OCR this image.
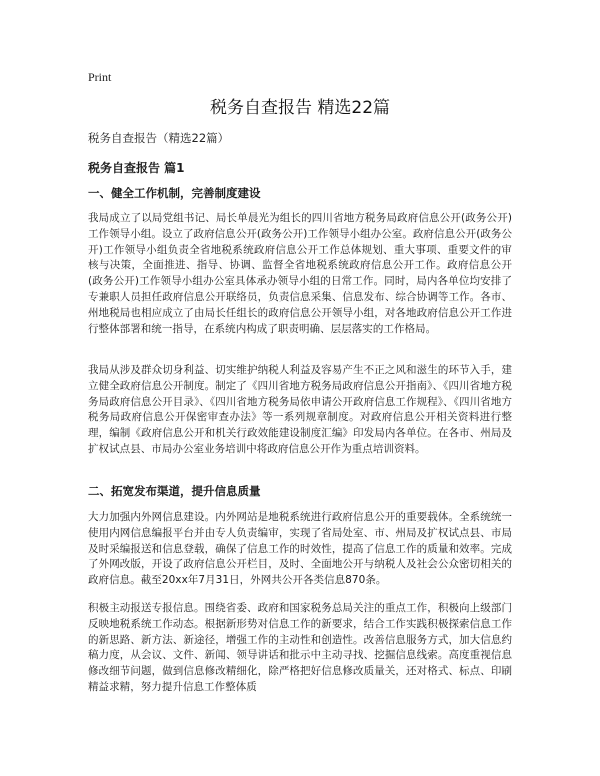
Print
税务自查报告 精选22篇
税务自查报告（精选22篇）
税务自查报告 篇1
一、健全工作机制，完善制度建设
我局成立了以局党组书记、局长单晨光为组长的四川省地方税务局政府信息公开(政务公开)工作领导小组。设立了政府信息公开(政务公开)工作领导小组办公室。政府信息公开(政务公开)工作领导小组负责全省地税系统政府信息公开工作总体规划、重大事项、重要文件的审核与决策，全面推进、指导、协调、监督全省地税系统政府信息公开工作。政府信息公开(政务公开)工作领导小组办公室具体承办领导小组的日常工作。同时，局内各单位均安排了专兼职人员担任政府信息公开联络员，负责信息采集、信息发布、综合协调等工作。各市、州地税局也相应成立了由局长任组长的政府信息公开领导小组，对各地政府信息公开工作进行整体部署和统一指导，在系统内构成了职责明确、层层落实的工作格局。
我局从涉及群众切身利益、切实维护纳税人利益及容易产生不正之风和滋生的环节入手，建立健全政府信息公开制度。制定了《四川省地方税务局政府信息公开指南》、《四川省地方税务局政府信息公开目录》、《四川省地方税务局依申请公开政府信息工作规程》、《四川省地方税务局政府信息公开保密审查办法》等一系列规章制度。对政府信息公开相关资料进行整理，编制《政府信息公开和机关行政效能建设制度汇编》印发局内各单位。在各市、州局及扩权试点县、市局办公室业务培训中将政府信息公开作为重点培训资料。
二、拓宽发布渠道，提升信息质量
大力加强内外网信息建设。内外网站是地税系统进行政府信息公开的重要载体。全系统统一使用内网信息编报平台并由专人负责编审，实现了省局处室、市、州局及扩权试点县、市局及时采编报送和信息登载，确保了信息工作的时效性，提高了信息工作的质量和效率。完成了外网改版，开设了政府信息公开栏目，及时、全面地公开与纳税人及社会公众密切相关的政府信息。截至20xx年7月31日，外网共公开各类信息870条。
积极主动报送专报信息。围绕省委、政府和国家税务总局关注的重点工作，积极向上级部门反映地税系统工作动态。根据新形势对信息工作的新要求，结合工作实践积极探索信息工作的新思路、新方法、新途径，增强工作的主动性和创造性。改善信息服务方式，加大信息约稿力度，从会议、文件、新闻、领导讲话和批示中主动寻找、挖掘信息线索。高度重视信息修改细节问题，做到信息修改精细化，除严格把好信息修改质量关，还对格式、标点、印刷精益求精，努力提升信息工作整体质
